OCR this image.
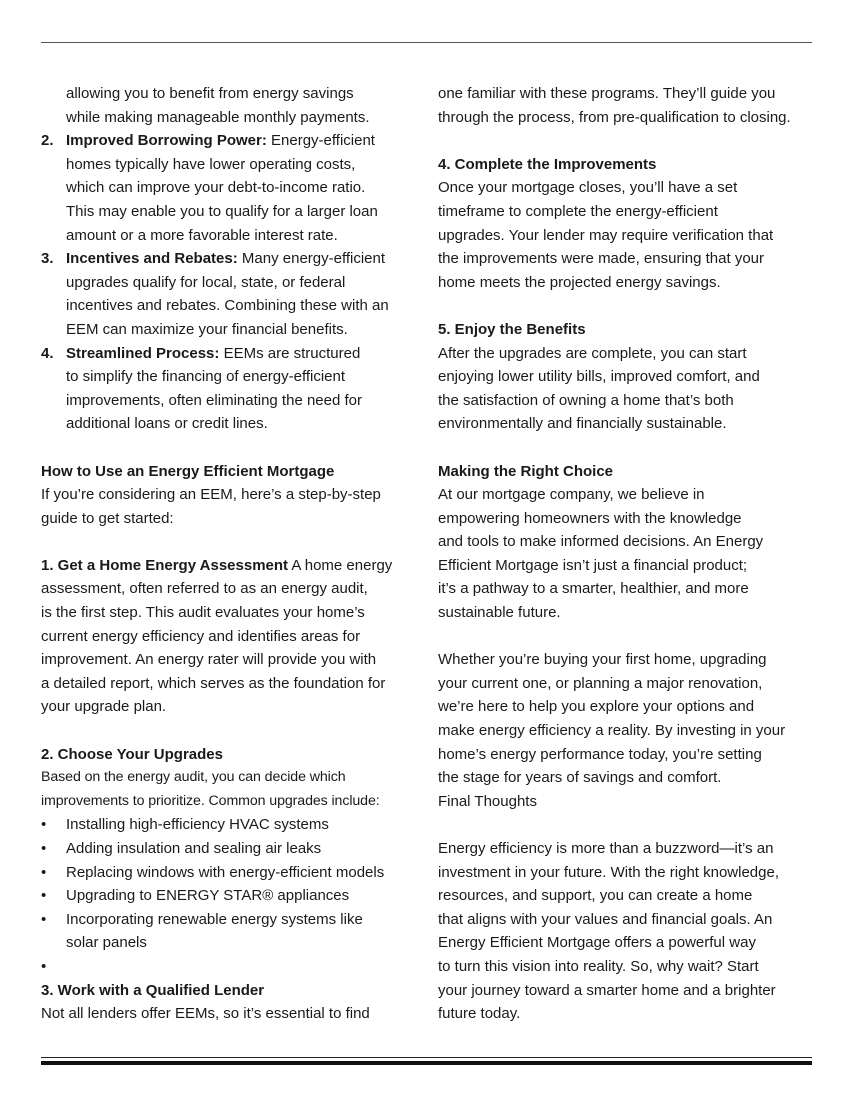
allowing you to benefit from energy savings
while making manageable monthly payments.
2. Improved Borrowing Power: Energy-efficient
homes typically have lower operating costs,
which can improve your debt-to-income ratio.
This may enable you to qualify for a larger loan
amount or a more favorable interest rate.
3. Incentives and Rebates: Many energy-efficient
upgrades qualify for local, state, or federal
incentives and rebates. Combining these with an
EEM can maximize your financial benefits.
4. Streamlined Process: EEMs are structured
to simplify the financing of energy-efficient
improvements, often eliminating the need for
additional loans or credit lines.
How to Use an Energy Efficient Mortgage
If you’re considering an EEM, here’s a step-by-step
guide to get started:
1. Get a Home Energy Assessment A home energy
assessment, often referred to as an energy audit,
is the first step. This audit evaluates your home’s
current energy efficiency and identifies areas for
improvement. An energy rater will provide you with
a detailed report, which serves as the foundation for
your upgrade plan.
2. Choose Your Upgrades
Based on the energy audit, you can decide which
improvements to prioritize. Common upgrades include:
• Installing high-efficiency HVAC systems
• Adding insulation and sealing air leaks
• Replacing windows with energy-efficient models
• Upgrading to ENERGY STAR® appliances
• Incorporating renewable energy systems like
solar panels
•
3. Work with a Qualified Lender
Not all lenders offer EEMs, so it’s essential to find
one familiar with these programs. They’ll guide you
through the process, from pre-qualification to closing.
4. Complete the Improvements
Once your mortgage closes, you’ll have a set
timeframe to complete the energy-efficient
upgrades. Your lender may require verification that
the improvements were made, ensuring that your
home meets the projected energy savings.
5. Enjoy the Benefits
After the upgrades are complete, you can start
enjoying lower utility bills, improved comfort, and
the satisfaction of owning a home that’s both
environmentally and financially sustainable.
Making the Right Choice
At our mortgage company, we believe in
empowering homeowners with the knowledge
and tools to make informed decisions. An Energy
Efficient Mortgage isn’t just a financial product;
it’s a pathway to a smarter, healthier, and more
sustainable future.
Whether you’re buying your first home, upgrading
your current one, or planning a major renovation,
we’re here to help you explore your options and
make energy efficiency a reality. By investing in your
home’s energy performance today, you’re setting
the stage for years of savings and comfort.
Final Thoughts
Energy efficiency is more than a buzzword—it’s an
investment in your future. With the right knowledge,
resources, and support, you can create a home
that aligns with your values and financial goals. An
Energy Efficient Mortgage offers a powerful way
to turn this vision into reality. So, why wait? Start
your journey toward a smarter home and a brighter
future today.
